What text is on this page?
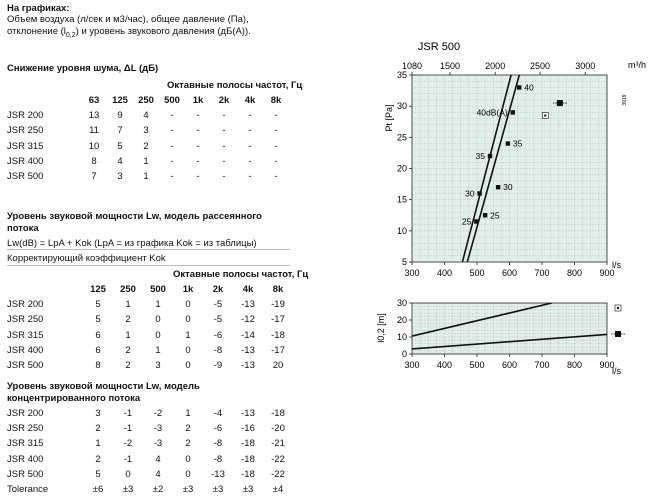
На графиках:
Объем воздуха (л/сек и м3/час), общее давление (Па),
отклонение $(l_{0,2})$ и уровень звукового давления (дБ(А)).
Снижение уровня шума, ΔL (дБ)
Октавные полосы частот, Гц
	63	125	250	500	1k	2k	4k	8k
JSR 200	13	9	4	-	-	-	-	-
JSR 250	11	7	3	-	-	-	-	-
JSR 315	10	5	2	-	-	-	-	-
JSR 400	8	4	1	-	-	-	-	-
JSR 500	7	3	1	-	-	-	-	-
Уровень звуковой мощности Lw, модель рассеянного
потока
Lw(dB) = LpA + Kok (LpA = из графика Kok = из таблицы)
Корректирующий коэффициент Kok
Октавные полосы частот, Гц
	125	250	500	1k	2k	4k	8k
JSR 200	5	1	1	0	-5	-13	-19
JSR 250	5	2	0	0	-5	-12	-17
JSR 315	6	1	0	1	-6	-14	-18
JSR 400	6	2	1	0	-8	-13	-17
JSR 500	8	2	3	0	-9	-13	20
Уровень звуковой мощности Lw, модель
концентрированного потока
JSR 200	3	-1	-2	1	-4	-13	-18
JSR 250	2	-1	-3	2	-6	-16	-20
JSR 315	1	-2	-3	2	-8	-18	-21
JSR 400	2	-1	4	0	-8	-18	-22
JSR 500	5	0	4	0	-13	-18	-22
Tolerance	±6	±3	±2	±3	±3	±3	±4
300 400 500 600 700 800 900
5
10
15
20
25
30
35
1080 1500	2000	2500	3000
l/s
m³/h
Pt [Pa]
JSR 500
3919
25
30
35
40dB(A)
25
30
35
40
300 400 500 600 700 800 900
0
10
20
30
l/s
l0,2 [m]
